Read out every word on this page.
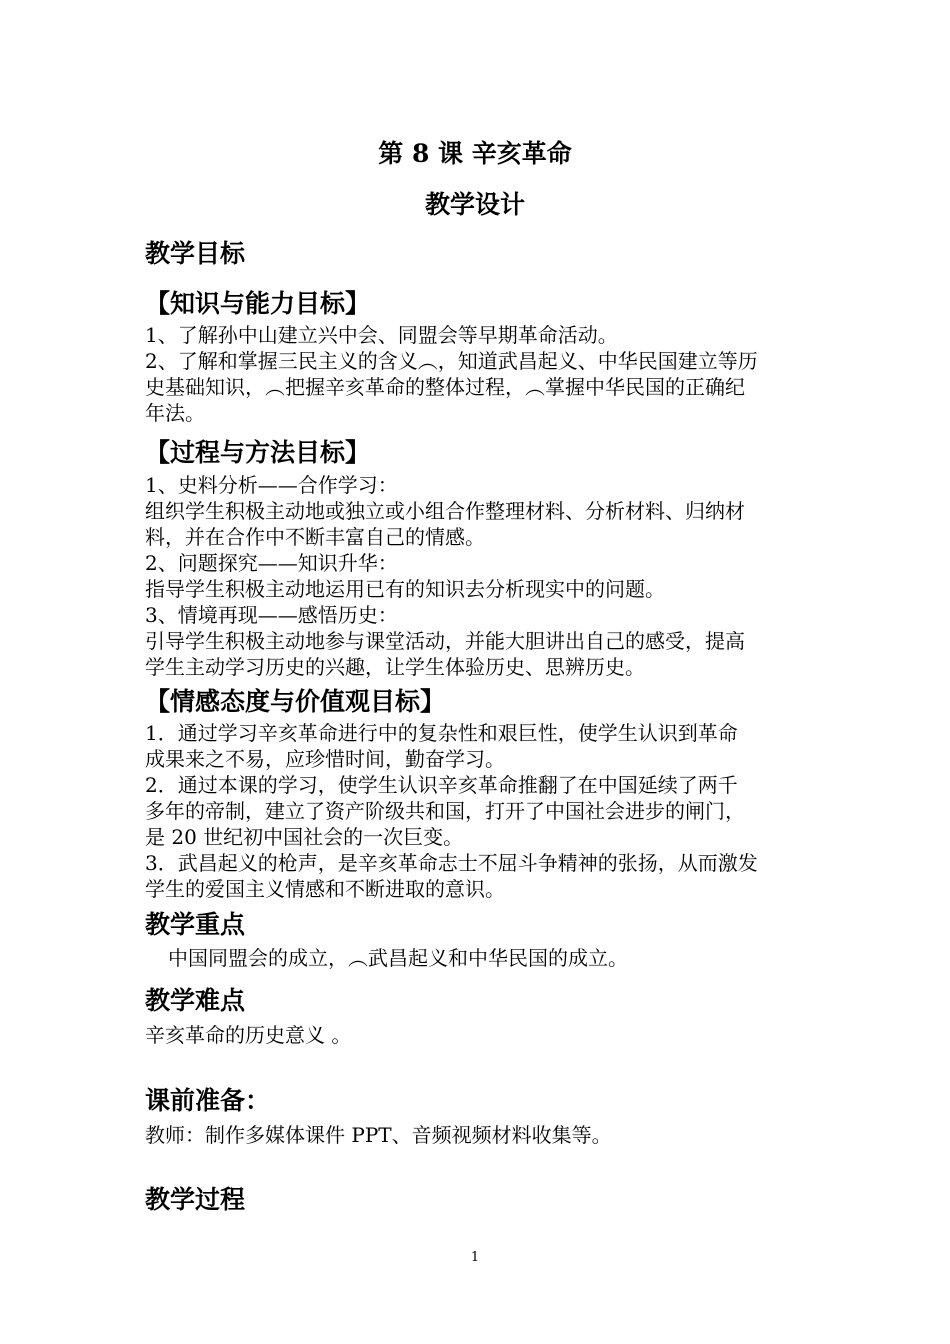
第 8 课 辛亥革命
教学设计
教学目标
【知识与能力目标】
1、了解孙中山建立兴中会、同盟会等早期革命活动。
2、了解和掌握三民主义的含义︵，知道武昌起义、中华民国建立等历
史基础知识，︵把握辛亥革命的整体过程，︵掌握中华民国的正确纪
年法。
【过程与方法目标】
1、史料分析——合作学习：
组织学生积极主动地或独立或小组合作整理材料、分析材料、归纳材
料，并在合作中不断丰富自己的情感。
2、问题探究——知识升华：
指导学生积极主动地运用已有的知识去分析现实中的问题。
3、情境再现——感悟历史：
引导学生积极主动地参与课堂活动，并能大胆讲出自己的感受，提高
学生主动学习历史的兴趣，让学生体验历史、思辨历史。
【情感态度与价值观目标】
1．通过学习辛亥革命进行中的复杂性和艰巨性，使学生认识到革命
成果来之不易，应珍惜时间，勤奋学习。
2．通过本课的学习，使学生认识辛亥革命推翻了在中国延续了两千
多年的帝制，建立了资产阶级共和国，打开了中国社会进步的闸门，
是 20 世纪初中国社会的一次巨变。
3．武昌起义的枪声，是辛亥革命志士不屈斗争精神的张扬，从而激发
学生的爱国主义情感和不断进取的意识。
教学重点
中国同盟会的成立，︵武昌起义和中华民国的成立。
教学难点
辛亥革命的历史意义 。
课前准备：
教师：制作多媒体课件 PPT、音频视频材料收集等。
教学过程
1
